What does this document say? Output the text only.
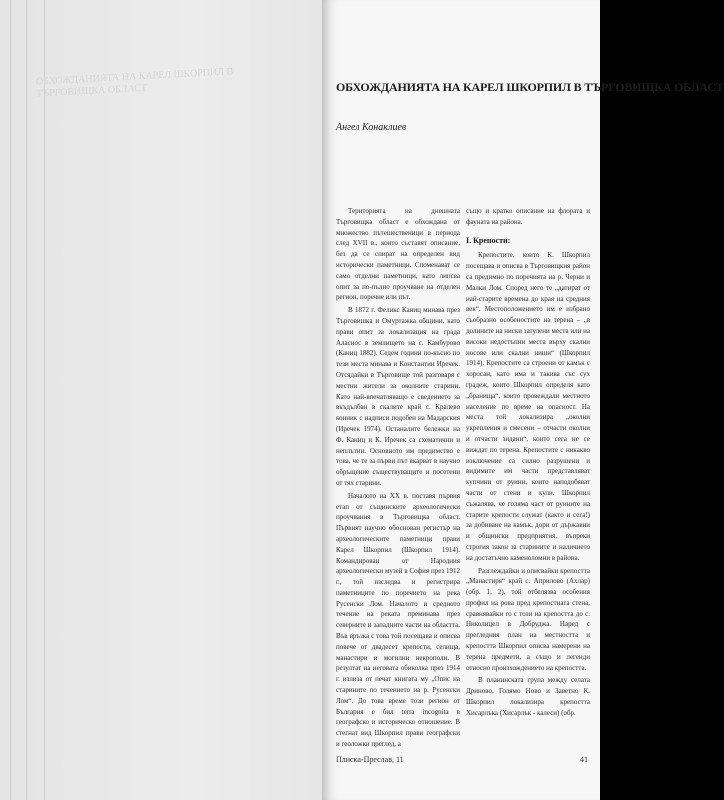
ОБХОЖДАНИЯТА НА КАРЕЛ ШКОРПИЛ В ТЪРГОВИЩКА ОБЛАСТ	ОБХОЖДАНИЯТА НА КАРЕЛ ШКОРПИЛ В ТЪРГОВИЩКА ОБЛАСТ
Ангел Конаклиев

Територията на днешната Търговищка област е обхождана от множество пътешественици в периода след XVII в., които съставят описание, без да се спират на определен вид исторически паметници. Споменават се само отделни паметници, като липсва опит за по-пълно проучване на отделен регион, поречие или път.

В 1872 г. Феликс Каниц минава през Търговишка и Омуртажка общини, като прави опит за локализация на града Аласиос в землището на с. Камбурово (Каниц 1882). Седем години по-късно по тези места минава и Константин Иречек. Отсядайки в Търговище той разговаря с местни жители за околните старини. Като най-впечатляващо е сведението за вкъдълбан в скалите край с. Кралево конник с надписи подобен на Мадарския (Иречек 1974). Останалите бележки на Ф. Каниц и К. Иречек са схематични и неплътни. Основното им предимство е това, че те за първи път вкарват в научно обръщение съществуващите и посетени от тях старини.

Началото на XX в. поставя първия етап от същинските археологически проучвания в Търговищка област. Първият научно обоснован регистър на археологическите паметници прави Карел Шкорпил (Шкорпил 1914). Командирован от Народния археологически музей в София през 1912 г., той изследва и регистрира паметниците по поречието на река Русенски Лом. Началото и средното течение на реката преминава през северните и западните части на областта. Във връзка с това той посещава и описва повече от двадесет крепости, селища, манастири и могилни некрополи. В резултат на неговата обиколка през 1914 г. излиза от печат книгата му „Опис на старините по течението на р. Русенски Лом“. До това време този регион от България е бил terra incognita в географско и историческо отношение. В стегнат вид Шкорпил прави географски и геоложки преглед, а

също и кратко описание на флората и фауната на района.

I. Крепости:

Крепостите, които К. Шкорпил посещава и описва в Търговищкия район са предимно по поречията на р. Черни и Малки Лом. Според него те „датират от най-старите времена до края на средния век“. Местоположението им е избрано съобразно особеностите на терена – „в долините на ниски затулени места или на високи недостъпни места върху скални носове или скални ниши“ (Шкорпил 1914). Крепостите са строени от камък с хоросан, като има и такива със сух градеж, които Шкорпил определя като „бранища“, които провеждали местното население по време на опасност. На места той локализира „околни укрепления и смесени – отчасти околни и отчасти зидани“, които сега не се виждат по терена. Крепостите с никакво изключение са силно разрушени и видимите им части представляват купчини от руини, които наподобяват части от стени и кули. Шкорпил съжалява, че голяма част от руините на старите крепости служат (както и сега!) за добиване на камък, дори от държавни и общински предприятия, въпреки строгия закон за старините и наличието на достатъчно каменоломни в района.

Разглеждайки и описвайки крепостта „Манастиря“ край с. Априлово (Ахлар) (обр. 1, 2), той отбелязва особения профил на рова пред крепостната стена, сравнявайки го с този на крепостта до с. Николицел в Добруджа. Наред с прегледния план на местността и крепостта Шкорпил описва намерени на терена предмети, а също и легенди относно произхождението на крепостта.

В планинската група между селата Дриново, Голямо Ново и Заветно К. Шкорпил локализира крепостта Хисарлъка (Хисарлък - калеси) (обр.

Плиска-Преслав, 11	41
